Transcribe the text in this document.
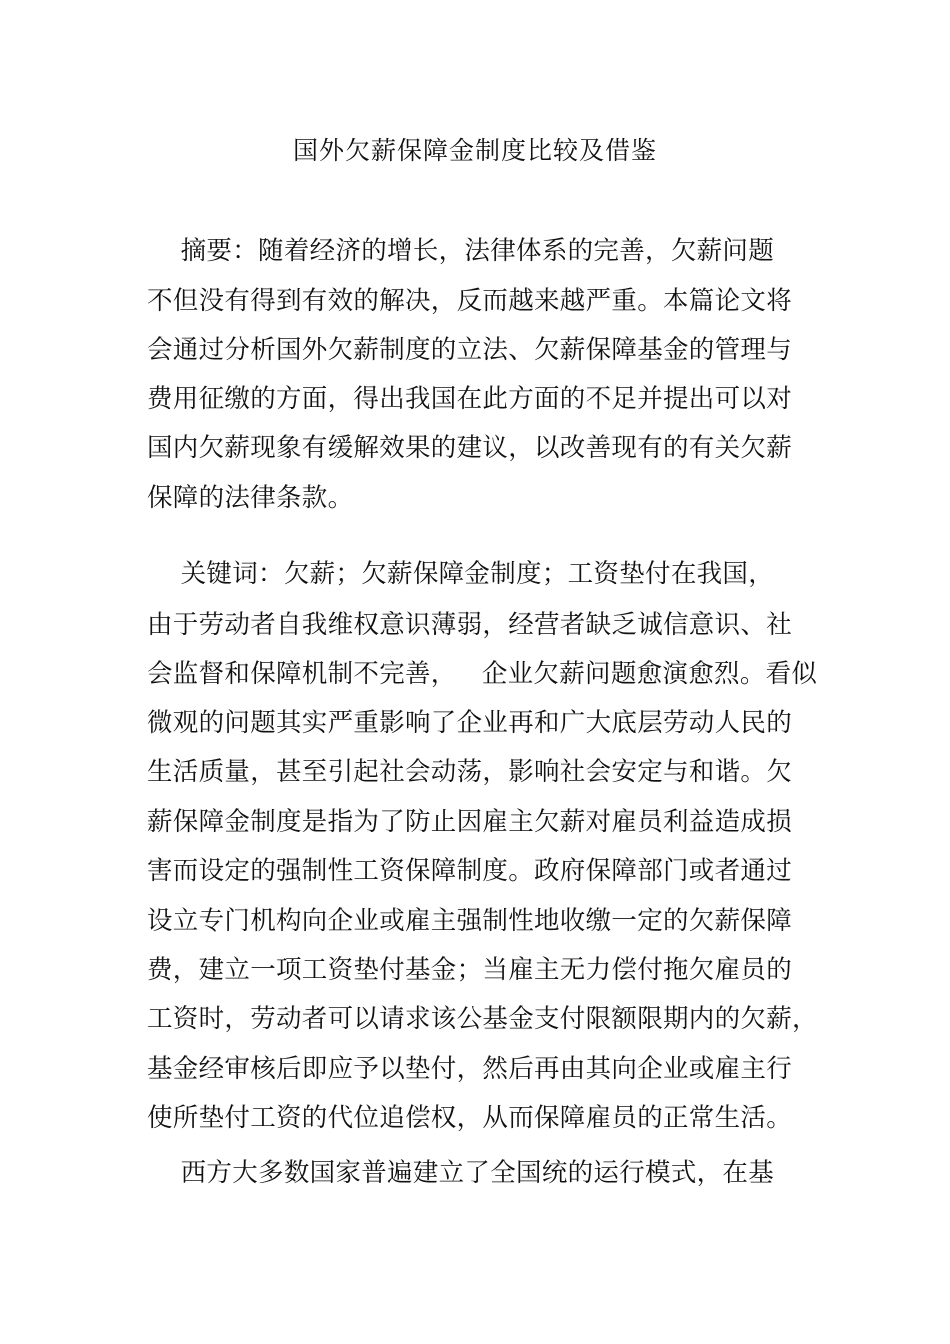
国外欠薪保障金制度比较及借鉴
摘要：随着经济的增长，法律体系的完善，欠薪问题
不但没有得到有效的解决，反而越来越严重。本篇论文将
会通过分析国外欠薪制度的立法、欠薪保障基金的管理与
费用征缴的方面，得出我国在此方面的不足并提出可以对
国内欠薪现象有缓解效果的建议，以改善现有的有关欠薪
保障的法律条款。
关键词：欠薪；欠薪保障金制度；工资垫付在我国，
由于劳动者自我维权意识薄弱，经营者缺乏诚信意识、社
会监督和保障机制不完善，   企业欠薪问题愈演愈烈。看似
微观的问题其实严重影响了企业再和广大底层劳动人民的
生活质量，甚至引起社会动荡，影响社会安定与和谐。欠
薪保障金制度是指为了防止因雇主欠薪对雇员利益造成损
害而设定的强制性工资保障制度。政府保障部门或者通过
设立专门机构向企业或雇主强制性地收缴一定的欠薪保障
费，建立一项工资垫付基金；当雇主无力偿付拖欠雇员的
工资时，劳动者可以请求该公基金支付限额限期内的欠薪，
基金经审核后即应予以垫付，然后再由其向企业或雇主行
使所垫付工资的代位追偿权，从而保障雇员的正常生活。
西方大多数国家普遍建立了全国统的运行模式，在基
